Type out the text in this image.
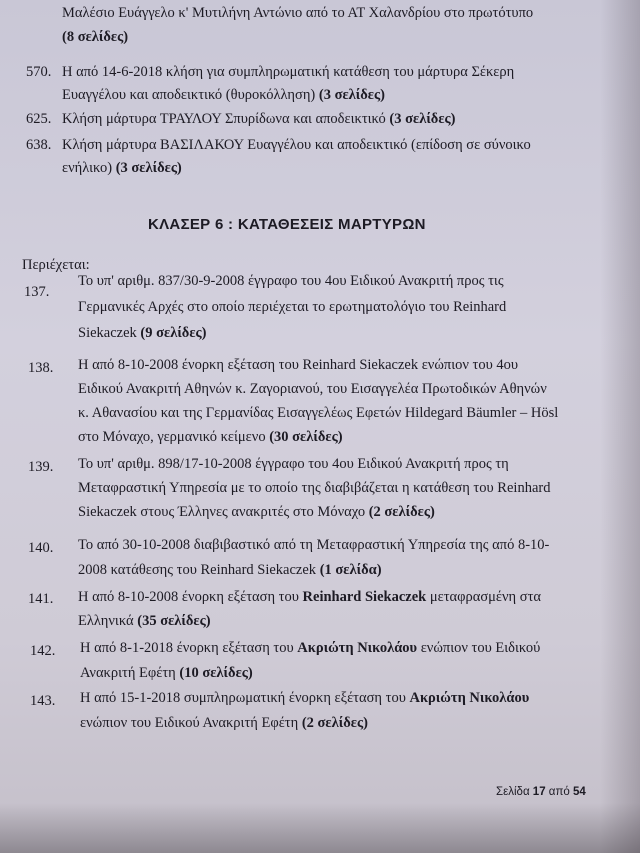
Μαλέσιο Ευάγγελο κ' Μυτιλήνη Αντώνιο από το ΑΤ Χαλανδρίου στο πρωτότυπο
(8 σελίδες)
570. Η από 14-6-2018 κλήση για συμπληρωματική κατάθεση του μάρτυρα Σέκερη
Ευαγγέλου και αποδεικτικό (θυροκόλληση) (3 σελίδες)
625. Κλήση μάρτυρα ΤΡΑΥΛΟΥ Σπυρίδωνα και αποδεικτικό (3 σελίδες)
638. Κλήση μάρτυρα ΒΑΣΙΛΑΚΟΥ Ευαγγέλου και αποδεικτικό (επίδοση σε σύνοικο
ενήλικο) (3 σελίδες)
ΚΛΑΣΕΡ 6 : ΚΑΤΑΘΕΣΕΙΣ ΜΑΡΤΥΡΩΝ
Περιέχεται:
137.
Το υπ' αριθμ. 837/30-9-2008 έγγραφο του 4ου Ειδικού Ανακριτή προς τις
Γερμανικές Αρχές στο οποίο περιέχεται το ερωτηματολόγιο του Reinhard
Siekaczek (9 σελίδες)
138. Η από 8-10-2008 ένορκη εξέταση του Reinhard Siekaczek ενώπιον του 4ου
Ειδικού Ανακριτή Αθηνών κ. Ζαγοριανού, του Εισαγγελέα Πρωτοδικών Αθηνών
κ. Αθανασίου και της Γερμανίδας Εισαγγελέως Εφετών Hildegard Bäumler – Hösl
στο Μόναχο, γερμανικό κείμενο (30 σελίδες)
139. Το υπ' αριθμ. 898/17-10-2008 έγγραφο του 4ου Ειδικού Ανακριτή προς τη
Μεταφραστική Υπηρεσία με το οποίο της διαβιβάζεται η κατάθεση του Reinhard
Siekaczek στους Έλληνες ανακριτές στο Μόναχο (2 σελίδες)
140. Το από 30-10-2008 διαβιβαστικό από τη Μεταφραστική Υπηρεσία της από 8-10-
2008 κατάθεσης του Reinhard Siekaczek (1 σελίδα)
141. Η από 8-10-2008 ένορκη εξέταση του Reinhard Siekaczek μεταφρασμένη στα
Ελληνικά (35 σελίδες)
142. Η από 8-1-2018 ένορκη εξέταση του Ακριώτη Νικολάου ενώπιον του Ειδικού
Ανακριτή Εφέτη (10 σελίδες)
143. Η από 15-1-2018 συμπληρωματική ένορκη εξέταση του Ακριώτη Νικολάου
ενώπιον του Ειδικού Ανακριτή Εφέτη (2 σελίδες)
Σελίδα 17 από 54
